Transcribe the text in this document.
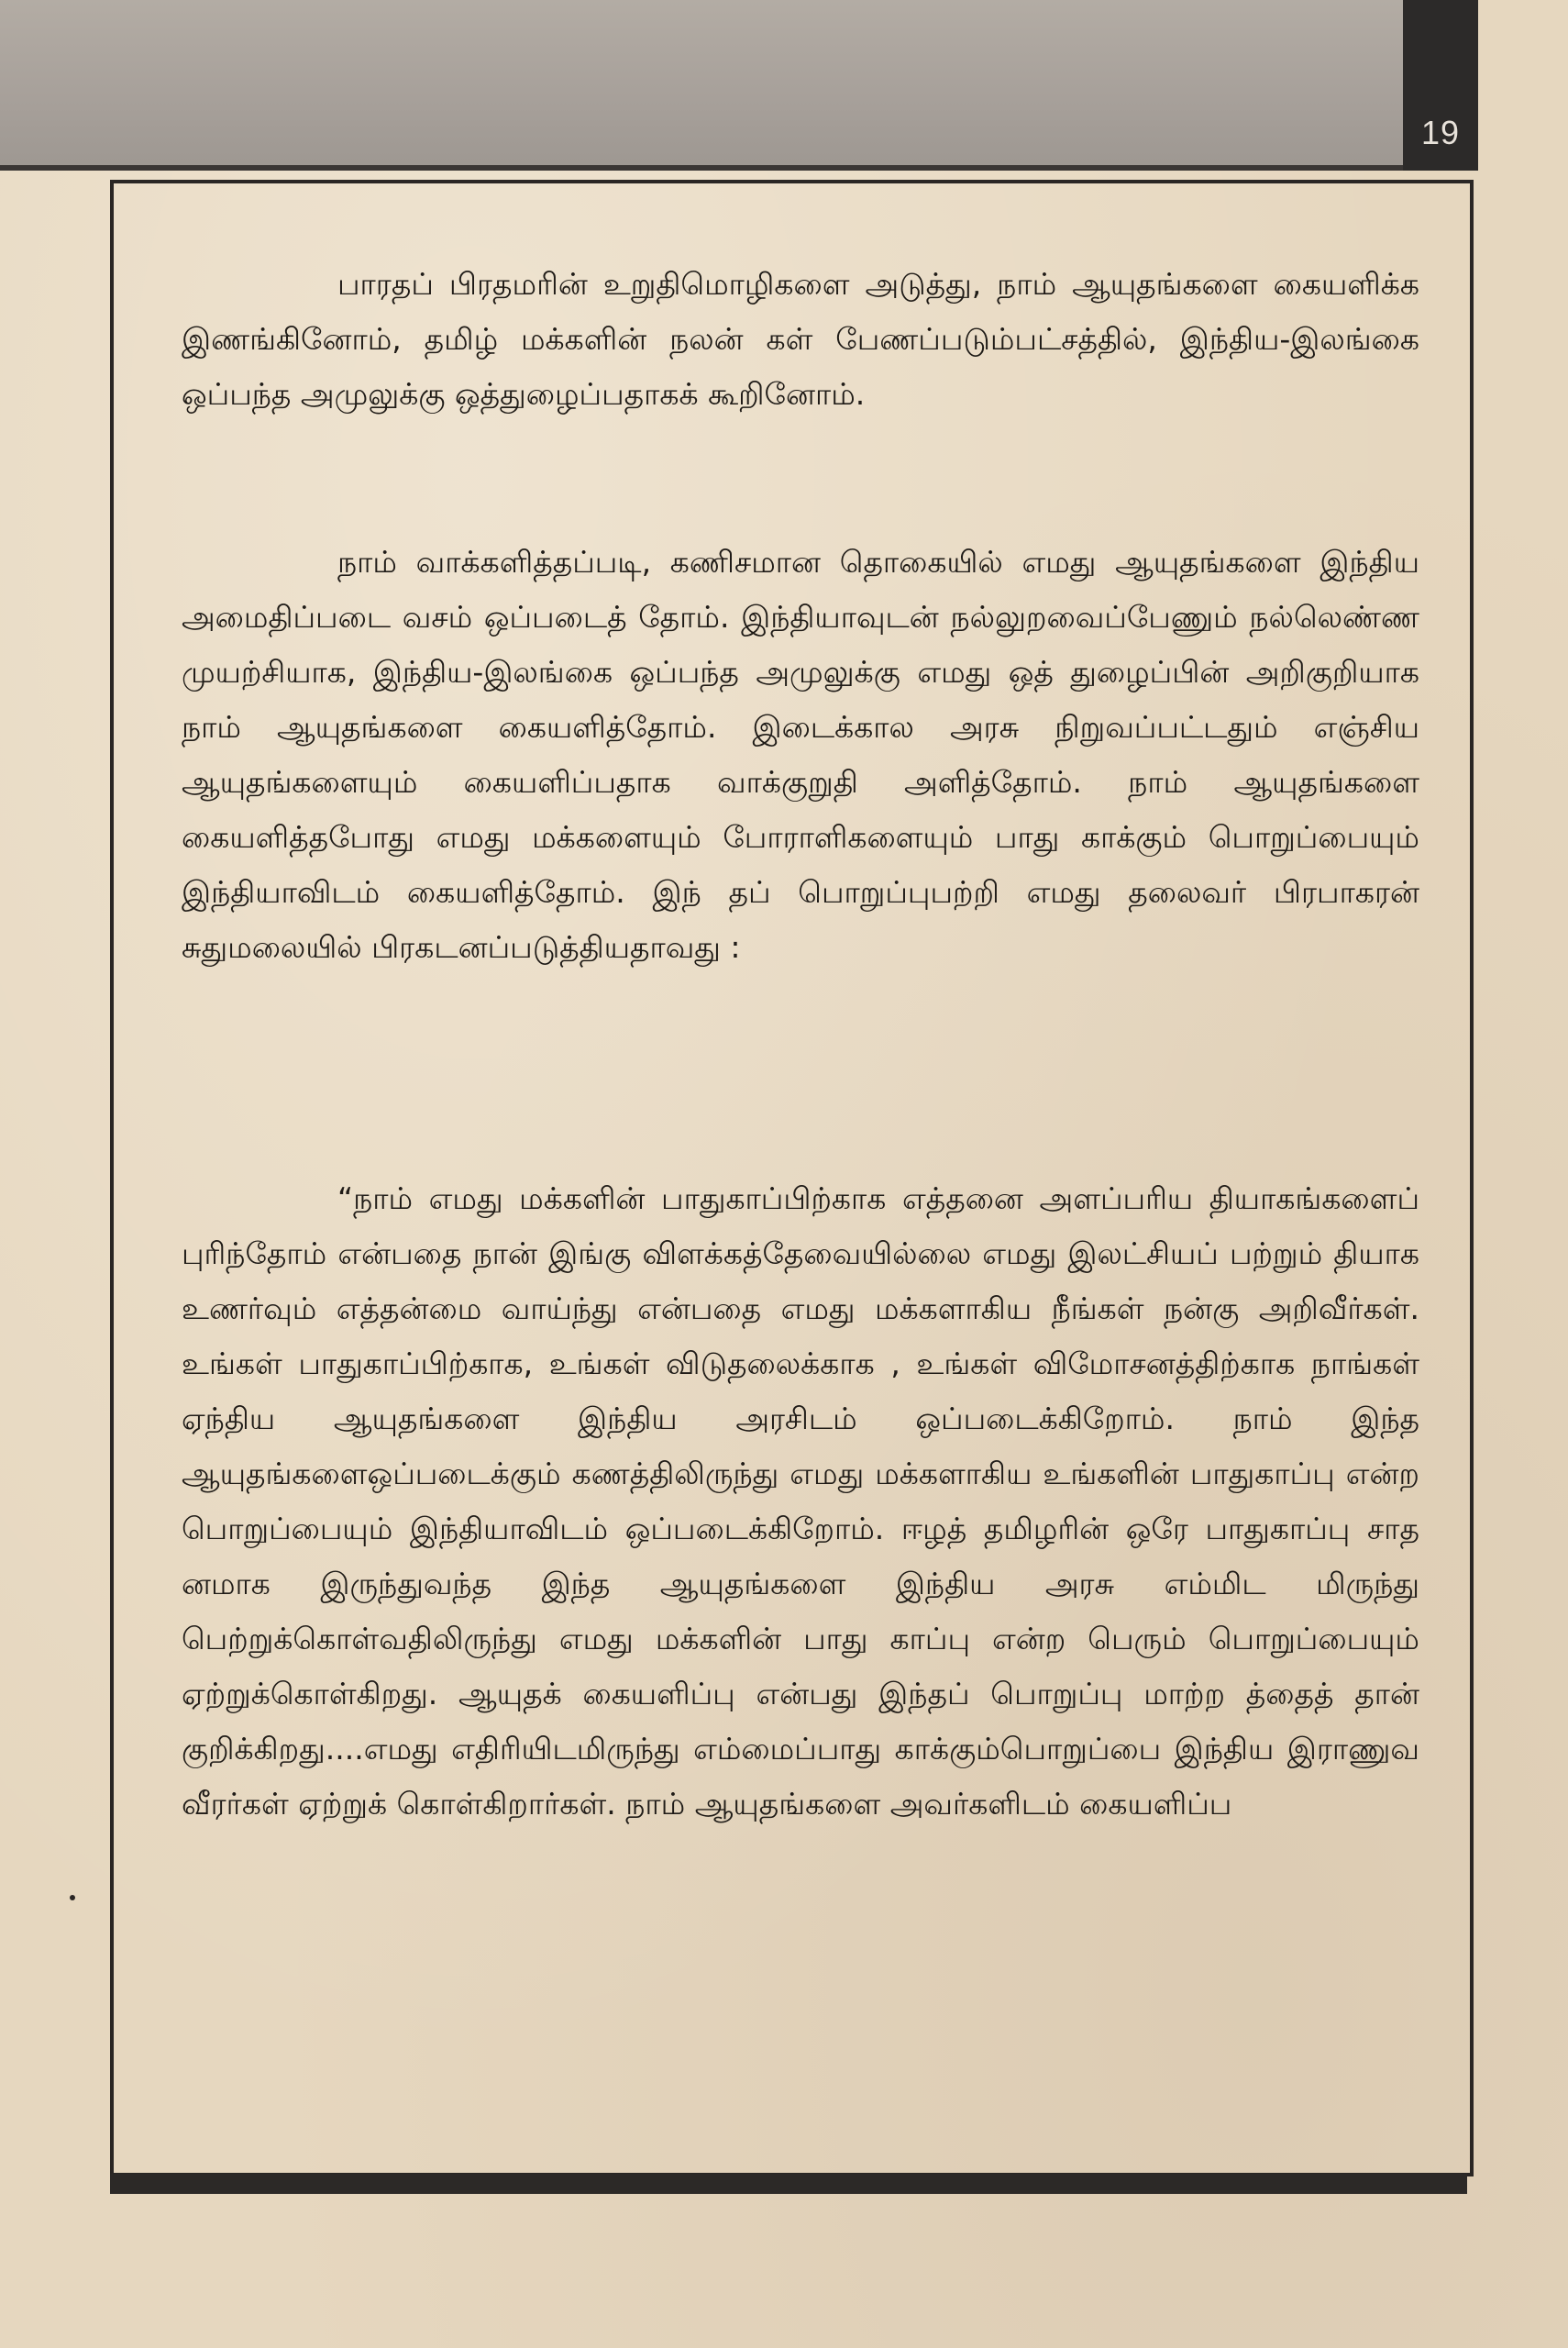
19

பாரதப் பிரதமரின் உறுதிமொழிகளை அடுத்து, நாம் ஆயுதங்களை கையளிக்க இணங்கினோம், தமிழ் மக்களின் நலன் கள் பேணப்படும்பட்சத்தில், இந்திய-இலங்கை ஒப்பந்த அமுலுக்கு ஒத்துழைப்பதாகக் கூறினோம்.

நாம் வாக்களித்தப்படி, கணிசமான தொகையில் எமது ஆயுதங்களை இந்திய அமைதிப்படை வசம் ஒப்படைத் தோம். இந்தியாவுடன் நல்லுறவைப்பேணும் நல்லெண்ண முயற்சியாக, இந்திய-இலங்கை ஒப்பந்த அமுலுக்கு எமது ஒத் துழைப்பின் அறிகுறியாக நாம் ஆயுதங்களை கையளித்தோம். இடைக்கால அரசு நிறுவப்பட்டதும் எஞ்சிய ஆயுதங்களையும் கையளிப்பதாக வாக்குறுதி அளித்தோம். நாம் ஆயுதங்களை கையளித்தபோது எமது மக்களையும் போராளிகளையும் பாது காக்கும் பொறுப்பையும் இந்தியாவிடம் கையளித்தோம். இந் தப் பொறுப்புபற்றி எமது தலைவர் பிரபாகரன் சுதுமலையில் பிரகடனப்படுத்தியதாவது :

“நாம் எமது மக்களின் பாதுகாப்பிற்காக எத்தனை அளப்பரிய தியாகங்களைப் புரிந்தோம் என்பதை நான் இங்கு விளக்கத்தேவையில்லை எமது இலட்சியப் பற்றும் தியாக உணர்வும் எத்தன்மை வாய்ந்து என்பதை எமது மக்களாகிய நீங்கள் நன்கு அறிவீர்கள். உங்கள் பாதுகாப்பிற்காக, உங்கள் விடுதலைக்காக , உங்கள் விமோசனத்திற்காக நாங்கள் ஏந்திய ஆயுதங்களை இந்திய அரசிடம் ஒப்படைக்கிறோம். நாம் இந்த ஆயுதங்களைஒப்படைக்கும் கணத்திலிருந்து எமது மக்களாகிய உங்களின் பாதுகாப்பு என்ற பொறுப்பையும் இந்தியாவிடம் ஒப்படைக்கிறோம். ஈழத் தமிழரின் ஒரே பாதுகாப்பு சாத னமாக இருந்துவந்த இந்த ஆயுதங்களை இந்திய அரசு எம்மிட மிருந்து பெற்றுக்கொள்வதிலிருந்து எமது மக்களின் பாது காப்பு என்ற பெரும் பொறுப்பையும் ஏற்றுக்கொள்கிறது. ஆயுதக் கையளிப்பு என்பது இந்தப் பொறுப்பு மாற்ற த்தைத் தான் குறிக்கிறது....எமது எதிரியிடமிருந்து எம்மைப்பாது காக்கும்பொறுப்பை இந்திய இராணுவ வீரர்கள் ஏற்றுக் கொள்கிறார்கள். நாம் ஆயுதங்களை அவர்களிடம் கையளிப்ப
